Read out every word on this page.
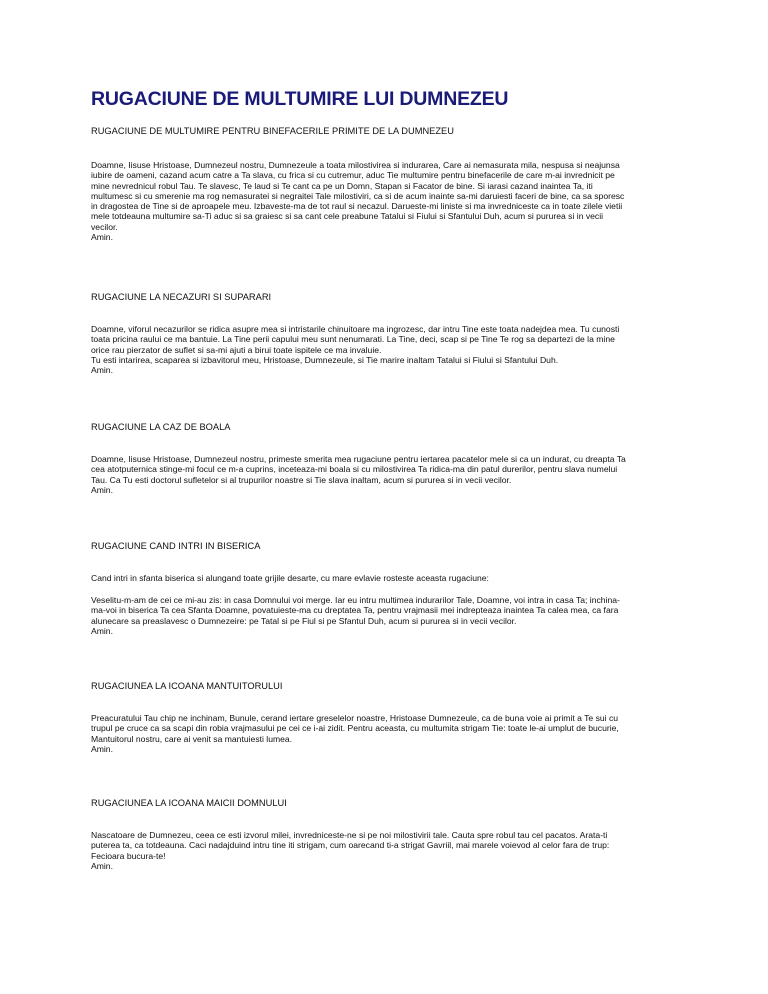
RUGACIUNE DE MULTUMIRE LUI DUMNEZEU

RUGACIUNE DE MULTUMIRE PENTRU BINEFACERILE PRIMITE DE LA DUMNEZEU

Doamne, Iisuse Hristoase, Dumnezeul nostru, Dumnezeule a toata milostivirea si indurarea, Care ai nemasurata mila, nespusa si neajunsa
iubire de oameni, cazand acum catre a Ta slava, cu frica si cu cutremur, aduc Tie multumire pentru binefacerile de care m-ai invrednicit pe
mine nevrednicul robul Tau. Te slavesc, Te laud si Te cant ca pe un Domn, Stapan si Facator de bine. Si iarasi cazand inaintea Ta, iti
multumesc si cu smerenie ma rog nemasuratei si negraitei Tale milostiviri, ca si de acum inainte sa-mi daruiesti faceri de bine, ca sa sporesc
in dragostea de Tine si de aproapele meu. Izbaveste-ma de tot raul si necazul. Darueste-mi liniste si ma invredniceste ca in toate zilele vietii
mele totdeauna multumire sa-Ti aduc si sa graiesc si sa cant cele preabune Tatalui si Fiului si Sfantului Duh, acum si pururea si in vecii
vecilor.
Amin.

RUGACIUNE LA NECAZURI SI SUPARARI

Doamne, viforul necazurilor se ridica asupre mea si intristarile chinuitoare ma ingrozesc, dar intru Tine este toata nadejdea mea. Tu cunosti
toata pricina raului ce ma bantuie. La Tine perii capului meu sunt nenumarati. La Tine, deci, scap si pe Tine Te rog sa departezi de la mine
orice rau pierzator de suflet si sa-mi ajuti a birui toate ispitele ce ma invaluie.
Tu esti intarirea, scaparea si izbavitorul meu, Hristoase, Dumnezeule, si Tie marire inaltam Tatalui si Fiului si Sfantului Duh.
Amin.

RUGACIUNE LA CAZ DE BOALA

Doamne, Iisuse Hristoase, Dumnezeul nostru, primeste smerita mea rugaciune pentru iertarea pacatelor mele si ca un indurat, cu dreapta Ta
cea atotputernica stinge-mi focul ce m-a cuprins, inceteaza-mi boala si cu milostivirea Ta ridica-ma din patul durerilor, pentru slava numelui
Tau. Ca Tu esti doctorul sufletelor si al trupurilor noastre si Tie slava inaltam, acum si pururea si in vecii vecilor.
Amin.

RUGACIUNE CAND INTRI IN BISERICA

Cand intri in sfanta biserica si alungand toate grijile desarte, cu mare evlavie rosteste aceasta rugaciune:

Veselitu-m-am de cei ce mi-au zis: in casa Domnului voi merge. Iar eu intru multimea indurarilor Tale, Doamne, voi intra in casa Ta; inchina-
ma-voi in biserica Ta cea Sfanta Doamne, povatuieste-ma cu dreptatea Ta, pentru vrajmasii mei indrepteaza inaintea Ta calea mea, ca fara
alunecare sa preaslavesc o Dumnezeire: pe Tatal si pe Fiul si pe Sfantul Duh, acum si pururea si in vecii vecilor.
Amin.

RUGACIUNEA LA ICOANA MANTUITORULUI

Preacuratului Tau chip ne inchinam, Bunule, cerand iertare greselelor noastre, Hristoase Dumnezeule, ca de buna voie ai primit a Te sui cu
trupul pe cruce ca sa scapi din robia vrajmasului pe cei ce i-ai zidit. Pentru aceasta, cu multumita strigam Tie: toate le-ai umplut de bucurie,
Mantuitorul nostru, care ai venit sa mantuiesti lumea.
Amin.

RUGACIUNEA LA ICOANA MAICII DOMNULUI

Nascatoare de Dumnezeu, ceea ce esti izvorul milei, invredniceste-ne si pe noi milostivirii tale. Cauta spre robul tau cel pacatos. Arata-ti
puterea ta, ca totdeauna. Caci nadajduind intru tine iti strigam, cum oarecand ti-a strigat Gavriil, mai marele voievod al celor fara de trup:
Fecioara bucura-te!
Amin.
